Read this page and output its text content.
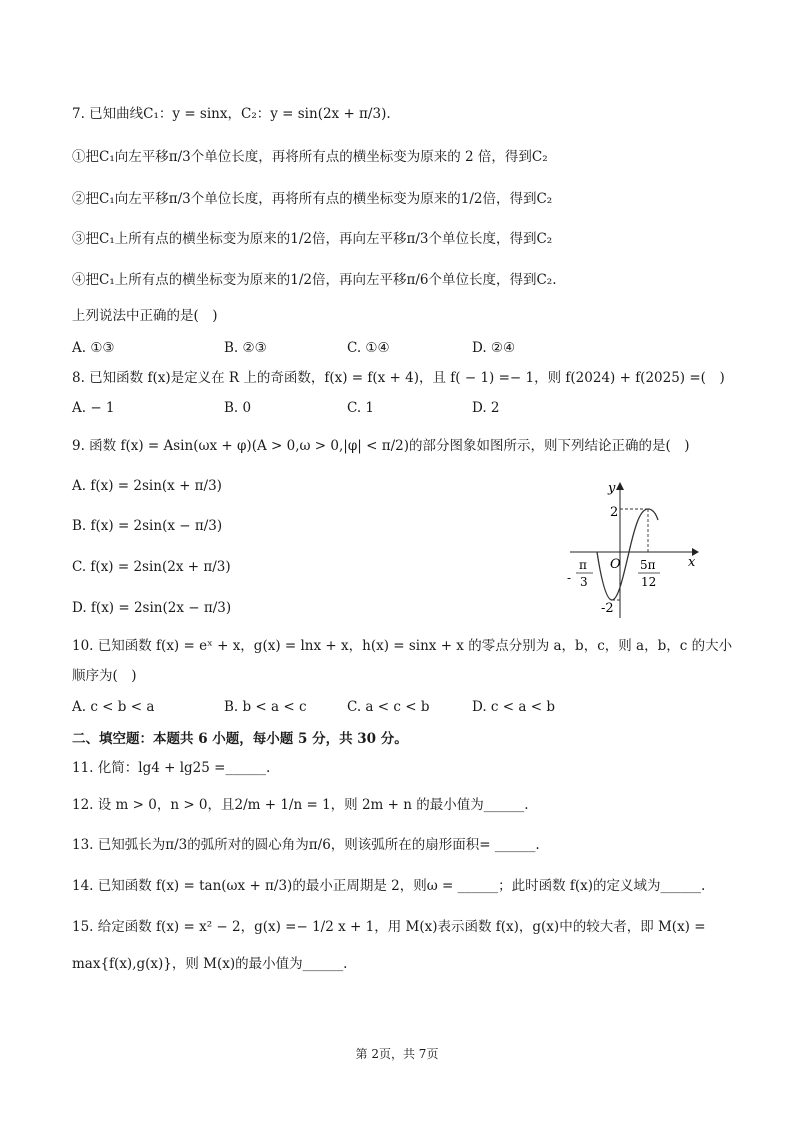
7. 已知曲线C₁：y = sinx，C₂：y = sin(2x + π/3).
①把C₁向左平移π/3个单位长度，再将所有点的横坐标变为原来的 2 倍，得到C₂
②把C₁向左平移π/3个单位长度，再将所有点的横坐标变为原来的1/2倍，得到C₂
③把C₁上所有点的横坐标变为原来的1/2倍，再向左平移π/3个单位长度，得到C₂
④把C₁上所有点的横坐标变为原来的1/2倍，再向左平移π/6个单位长度，得到C₂.
上列说法中正确的是(　)
A. ①③	B. ②③	C. ①④	D. ②④
8. 已知函数 f(x)是定义在 R 上的奇函数，f(x) = f(x + 4)，且 f( − 1) =− 1，则 f(2024) + f(2025) =(　)
A. − 1	B. 0	C. 1	D. 2
9. 函数 f(x) = Asin(ωx + φ)(A > 0,ω > 0,|φ| < π/2)的部分图象如图所示，则下列结论正确的是(　)
A. f(x) = 2sin(x + π/3)
B. f(x) = 2sin(x − π/3)
C. f(x) = 2sin(2x + π/3)
D. f(x) = 2sin(2x − π/3)
y
x
2
O
-2
-
π
3
5π
12
10. 已知函数 f(x) = eˣ + x，g(x) = lnx + x，h(x) = sinx + x 的零点分别为 a，b，c，则 a，b，c 的大小
顺序为(　)
A. c < b < a	B. b < a < c	C. a < c < b	D. c < a < b
二、填空题：本题共 6 小题，每小题 5 分，共 30 分。
11. 化简：lg4 + lg25 =______.
12. 设 m > 0，n > 0，且2/m + 1/n = 1，则 2m + n 的最小值为______.
13. 已知弧长为π/3的弧所对的圆心角为π/6，则该弧所在的扇形面积= ______.
14. 已知函数 f(x) = tan(ωx + π/3)的最小正周期是 2，则ω = ______；此时函数 f(x)的定义域为______.
15. 给定函数 f(x) = x² − 2，g(x) =− 1/2 x + 1，用 M(x)表示函数 f(x)，g(x)中的较大者，即 M(x) =
max{f(x),g(x)}，则 M(x)的最小值为______.
第 2页，共 7页
